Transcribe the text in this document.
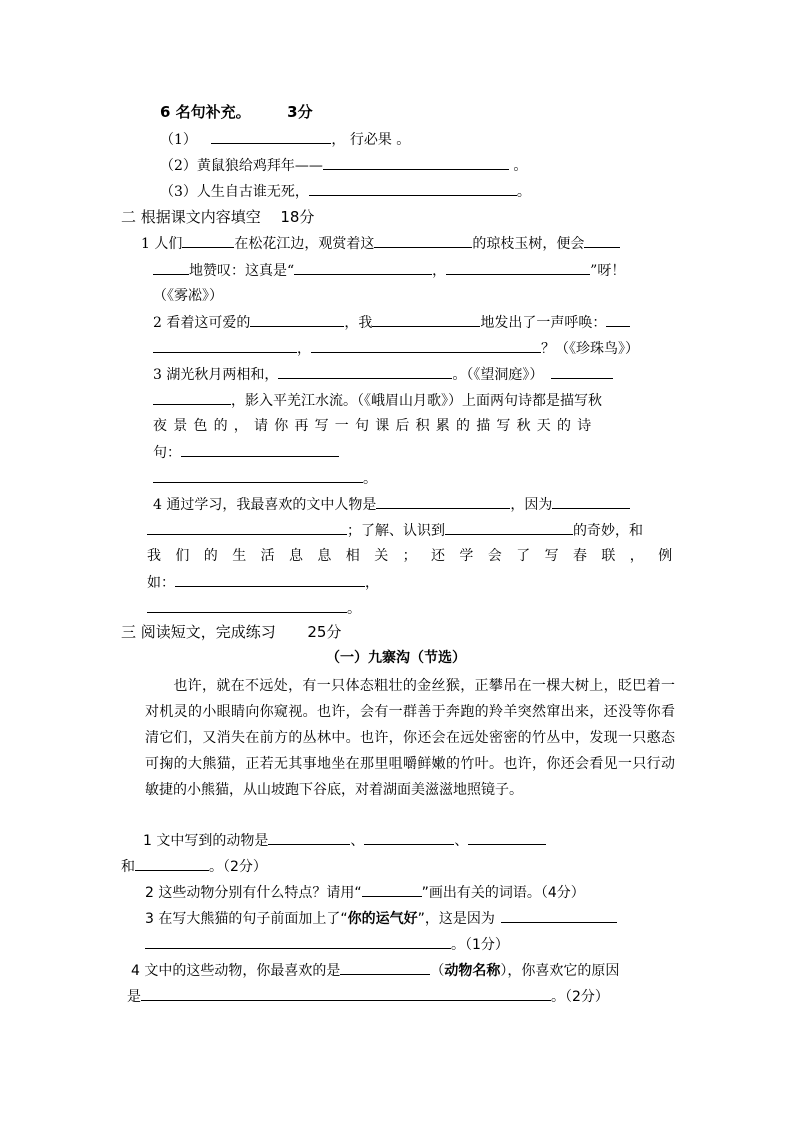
6 名句补充。 3分
（1）	， 行必果 。
（2）黄鼠狼给鸡拜年——	。
（3）人生自古谁无死，	。
二 根据课文内容填空 18分
1 人们	在松花江边，观赏着这	的琼枝玉树，便会
地赞叹：这真是“	，	”呀！
（《雾凇》）
2 看着这可爱的	，我	地发出了一声呼唤：
，	？（《珍珠鸟》）
3 湖光秋月两相和，	。（《望洞庭》）
，影入平羌江水流。（《峨眉山月歌》）上面两句诗都是描写秋
夜景色的，请你再写一句课后积累的描写秋天的诗
句：
。
4 通过学习，我最喜欢的文中人物是	，因为
；了解、认识到	的奇妙，和
我们的生活息息相关；还学会了写春联，例
如：	，
。
三 阅读短文，完成练习 25分
（一）九寨沟（节选）
也许，就在不远处，有一只体态粗壮的金丝猴，正攀吊在一棵大树上，眨巴着一对机灵的小眼睛向你窥视。也许，会有一群善于奔跑的羚羊突然窜出来，还没等你看清它们，又消失在前方的丛林中。也许，你还会在远处密密的竹丛中，发现一只憨态可掬的大熊猫，正若无其事地坐在那里咀嚼鲜嫩的竹叶。也许，你还会看见一只行动敏捷的小熊猫，从山坡跑下谷底，对着湖面美滋滋地照镜子。
1 文中写到的动物是	、	、
和	。（2分）
2 这些动物分别有什么特点？请用“	”画出有关的词语。（4分）
3 在写大熊猫的句子前面加上了“你的运气好”，这是因为
。（1分）
4 文中的这些动物，你最喜欢的是	（动物名称），你喜欢它的原因
是	。（2分）
